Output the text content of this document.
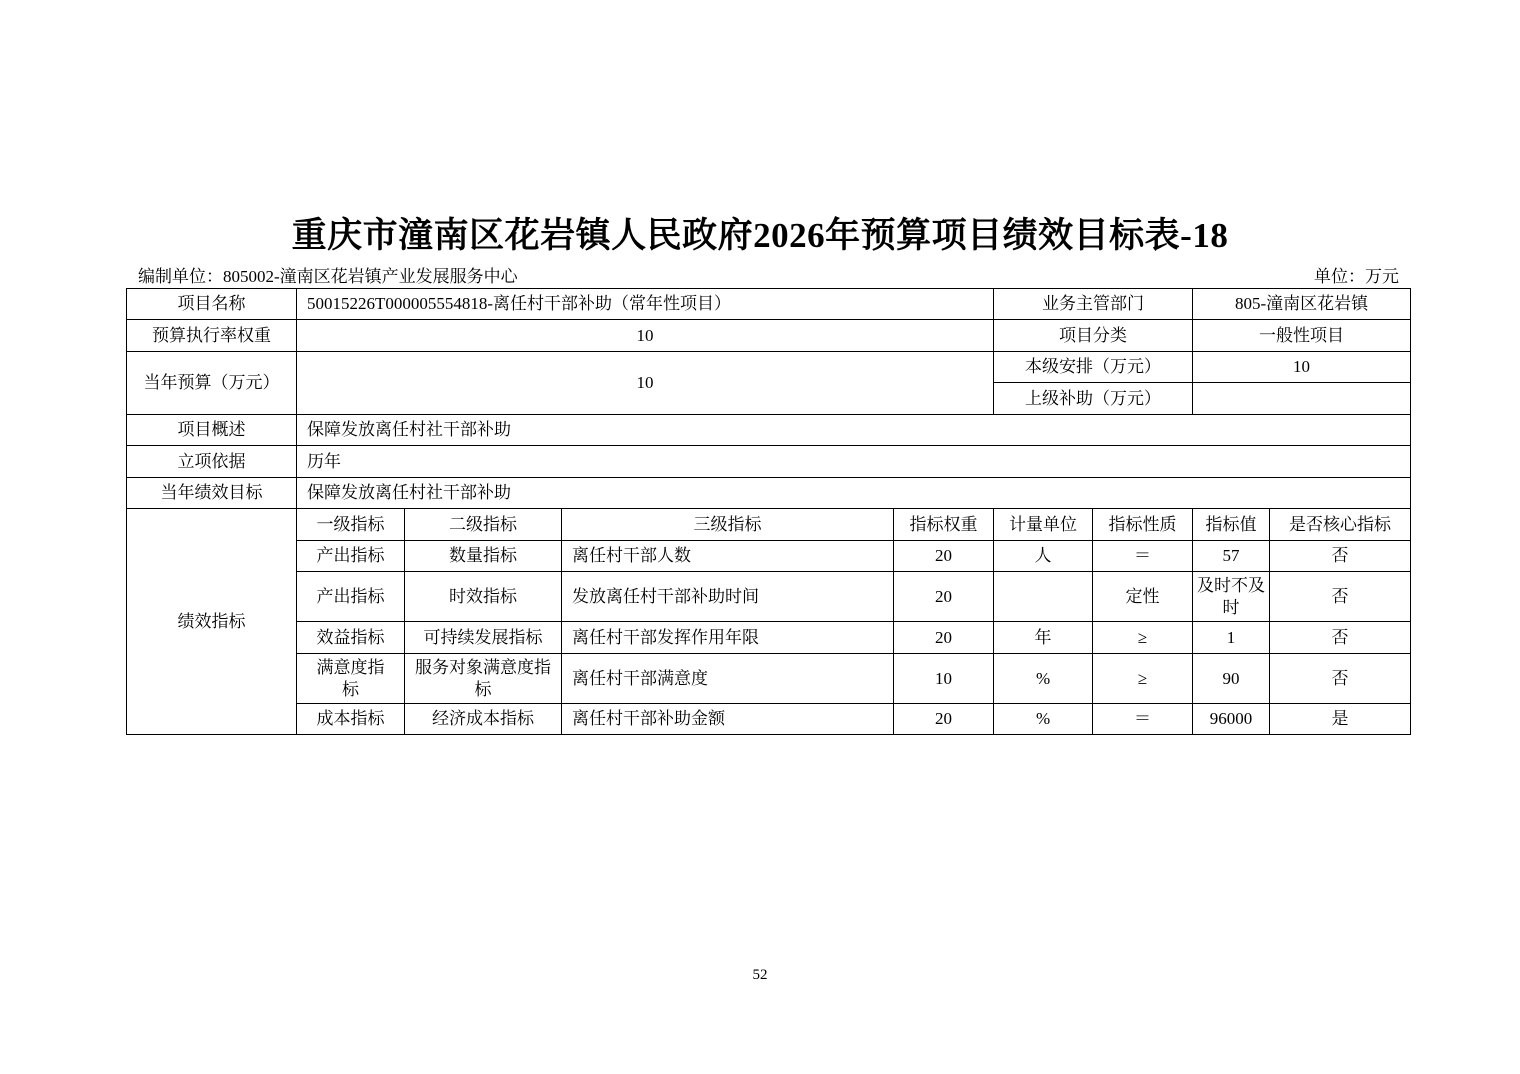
重庆市潼南区花岩镇人民政府2026年预算项目绩效目标表-18
编制单位：805002-潼南区花岩镇产业发展服务中心	单位：万元
项目名称	50015226T000005554818-离任村干部补助（常年性项目）				业务主管部门		805-潼南区花岩镇	
预算执行率权重	10				项目分类		一般性项目	
当年预算（万元）	10				本级安排（万元）		10	
					上级补助（万元）			
项目概述	保障发放离任村社干部补助							
立项依据	历年							
当年绩效目标	保障发放离任村社干部补助							
绩效指标	一级指标	二级指标	三级指标	指标权重	计量单位	指标性质	指标值	是否核心指标
	产出指标	数量指标	离任村干部人数	20	人	＝	57	否
	产出指标	时效指标	发放离任村干部补助时间	20		定性	及时不及时	否
	效益指标	可持续发展指标	离任村干部发挥作用年限	20	年	≥	1	否
	满意度指标	服务对象满意度指标	离任村干部满意度	10	%	≥	90	否
	成本指标	经济成本指标	离任村干部补助金额	20	%	＝	96000	是
52
